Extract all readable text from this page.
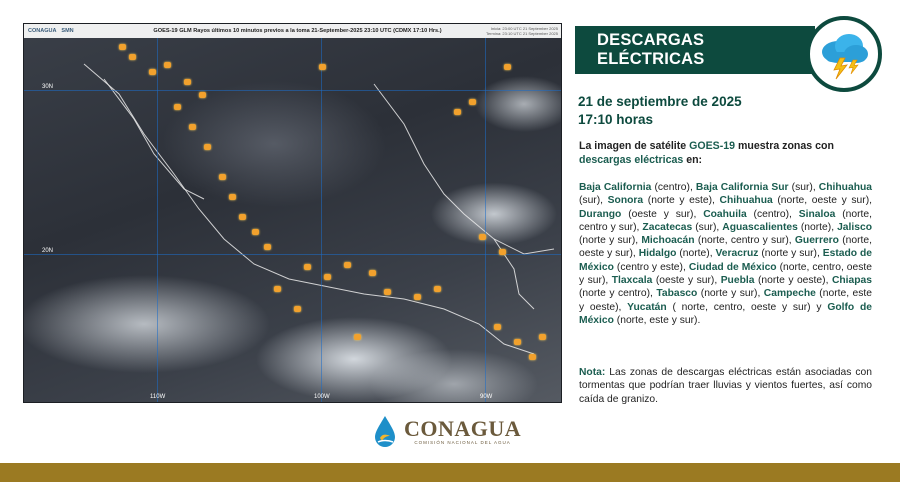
CONAGUA SMN	GOES-19 GLM Rayos últimos 10 minutos previos a la toma 21-September-2025 23:10 UTC (CDMX 17:10 Hrs.)	Inicia: 23:00 UTC 21 September 2025
Termina: 23:10 UTC 21 September 2025
30N
20N
110W	100W	90W
DESCARGAS ELÉCTRICAS
21 de septiembre de 2025
17:10 horas
La imagen de satélite GOES-19 muestra zonas con descargas eléctricas en:
Baja California (centro), Baja California Sur (sur), Chihuahua (sur), Sonora (norte y este), Chihuahua (norte, oeste y sur), Durango (oeste y sur), Coahuila (centro), Sinaloa (norte, centro y sur), Zacatecas (sur), Aguascalientes (norte), Jalisco (norte y sur), Michoacán (norte, centro y sur), Guerrero (norte, oeste y sur), Hidalgo (norte), Veracruz (norte y sur), Estado de México (centro y este), Ciudad de México (norte, centro, oeste y sur), Tlaxcala (oeste y sur), Puebla (norte y oeste), Chiapas (norte y centro), Tabasco (norte y sur), Campeche (norte, este y oeste), Yucatán ( norte, centro, oeste y sur) y Golfo de México (norte, este y sur).
Nota: Las zonas de descargas eléctricas están asociadas con tormentas que podrían traer lluvias y vientos fuertes, así como caída de granizo.
CONAGUA
COMISIÓN NACIONAL DEL AGUA
